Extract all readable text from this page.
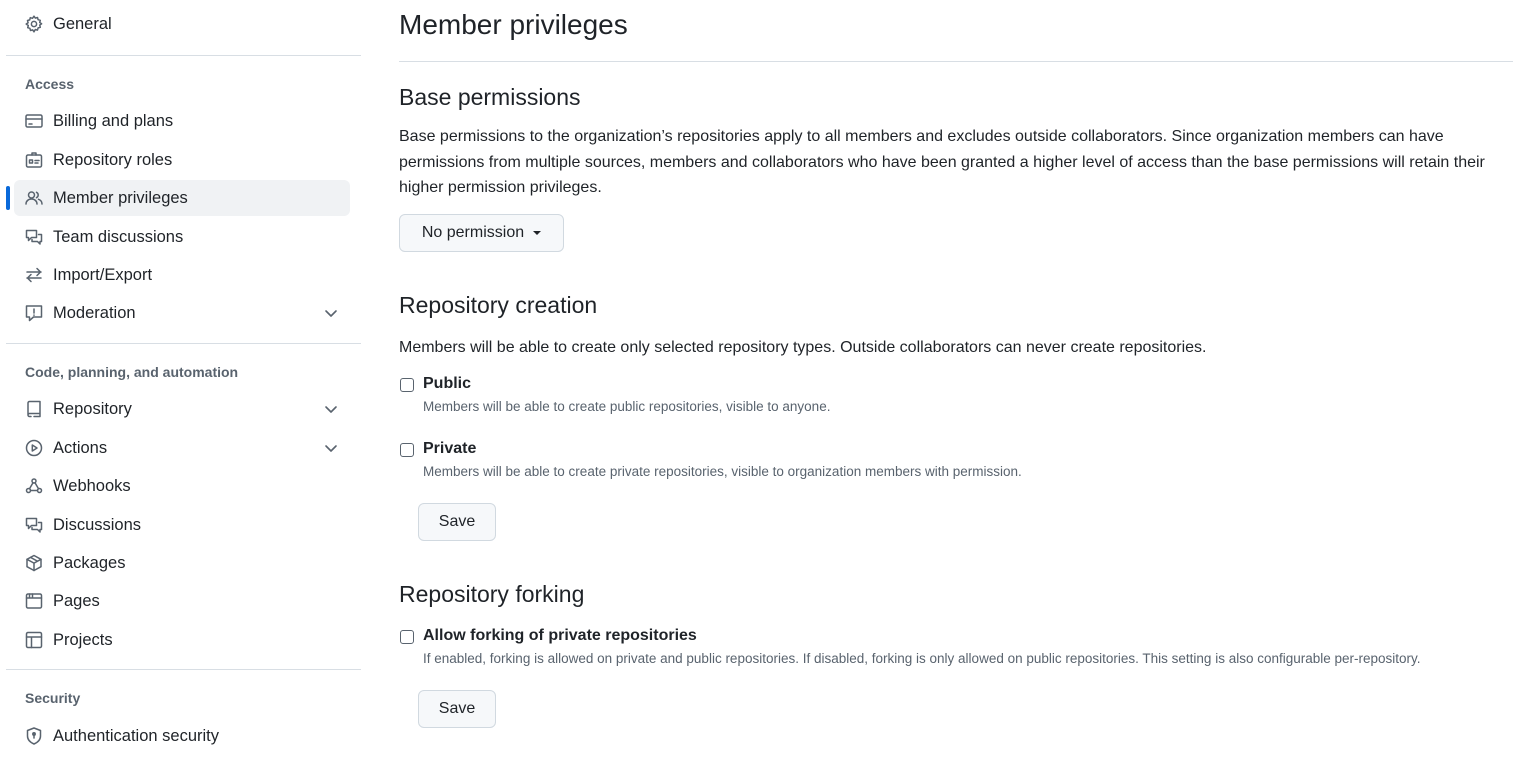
General
Access
Billing and plans
Repository roles
Member privileges
Team discussions
Import/Export
Moderation
Code, planning, and automation
Repository
Actions
Webhooks
Discussions
Packages
Pages
Projects
Security
Authentication security
Member privileges
Base permissions

Base permissions to the organization’s repositories apply to all members and excludes outside collaborators. Since organization members can have permissions from multiple sources, members and collaborators who have been granted a higher level of access than the base permissions will retain their higher permission privileges.

No permission
Repository creation

Members will be able to create only selected repository types. Outside collaborators can never create repositories.

Public
Members will be able to create public repositories, visible to anyone.
Private
Members will be able to create private repositories, visible to organization members with permission.
Save
Repository forking
Allow forking of private repositories
If enabled, forking is allowed on private and public repositories. If disabled, forking is only allowed on public repositories. This setting is also configurable per-repository.
Save
